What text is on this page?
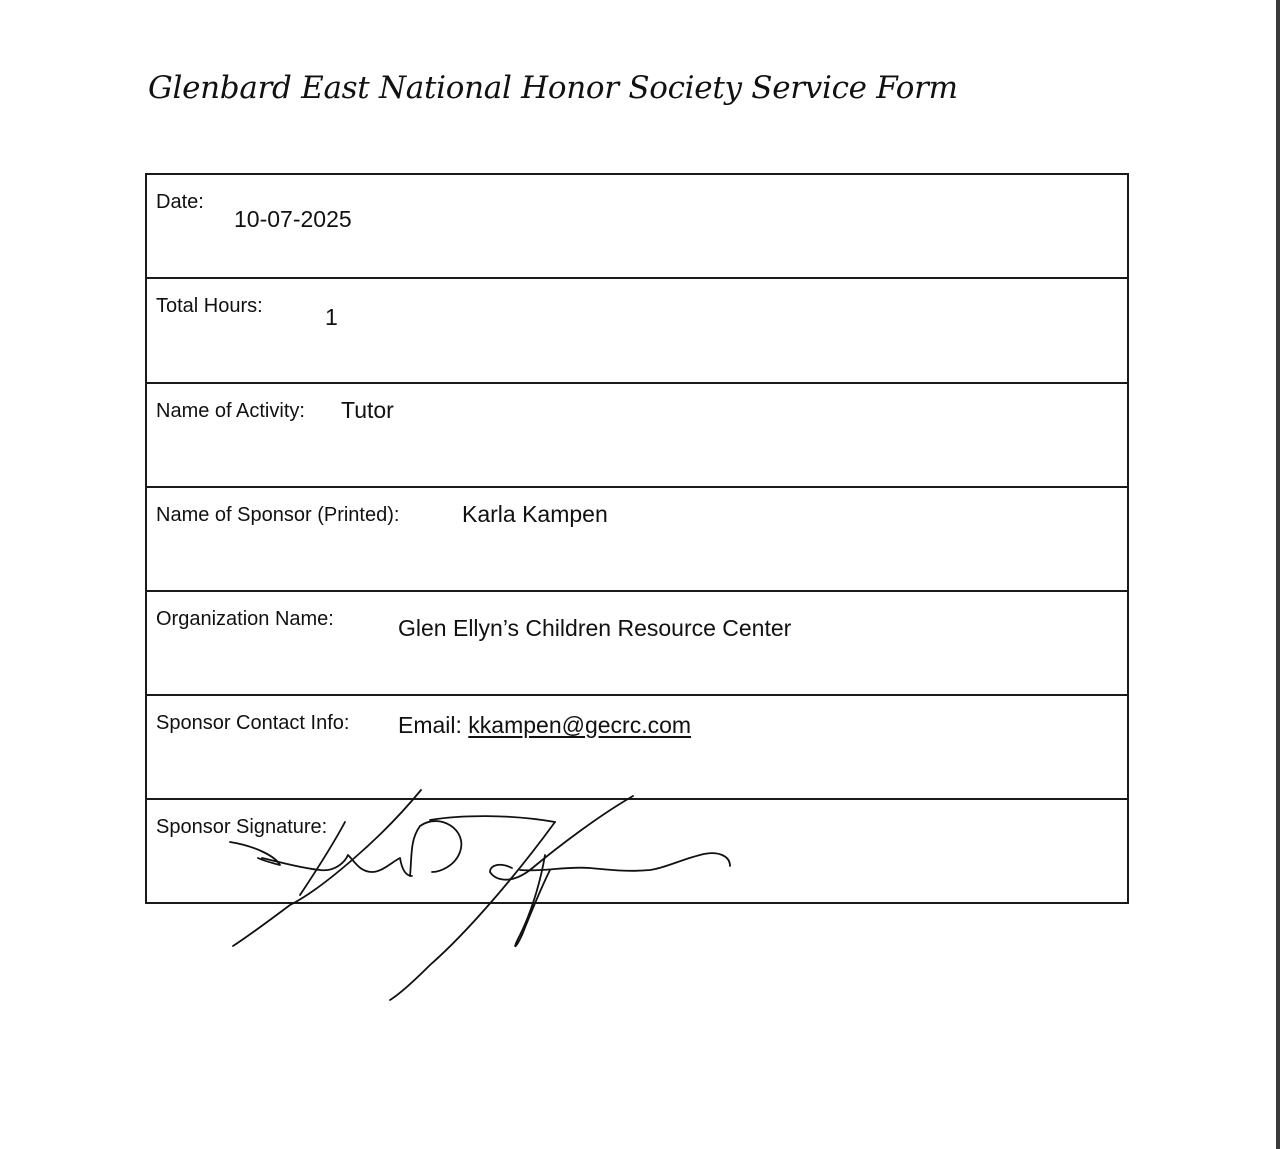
Glenbard East National Honor Society Service Form
Date:
10-07-2025
Total Hours:	1
Name of Activity: Tutor
Name of Sponsor (Printed):	Karla Kampen
Organization Name:	Glen Ellyn’s Children Resource Center
Sponsor Contact Info: Email: kkampen@gecrc.com
Sponsor Signature:
